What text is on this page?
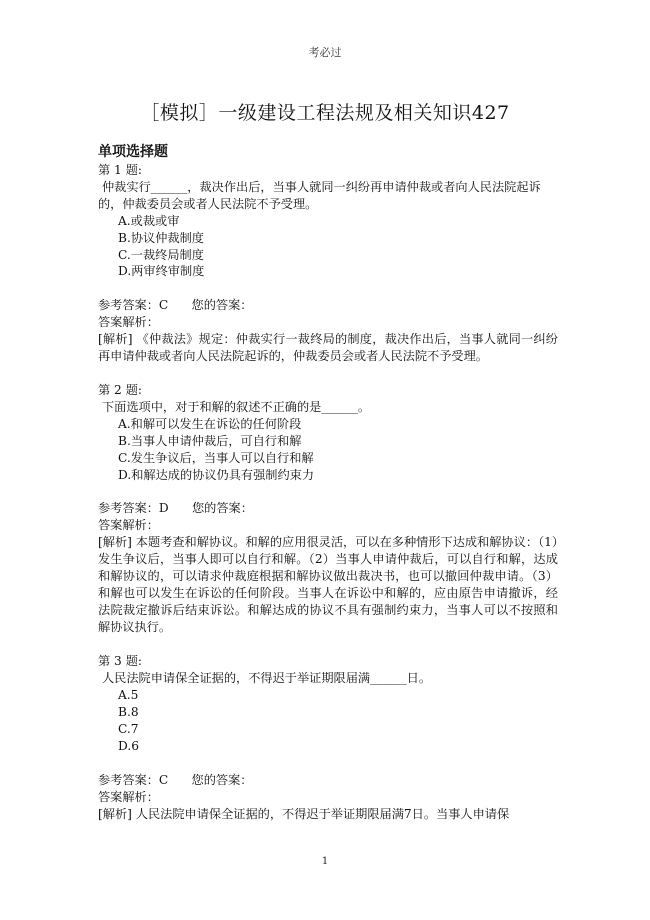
考必过
［模拟］一级建设工程法规及相关知识427

单项选择题

第 1 题:

仲裁实行______，裁决作出后，当事人就同一纠纷再申请仲裁或者向人民法院起诉的，仲裁委员会或者人民法院不予受理。

A.或裁或审

B.协议仲裁制度

C.一裁终局制度

D.两审终审制度

参考答案：C      您的答案：

答案解析：

[解析] 《仲裁法》规定：仲裁实行一裁终局的制度，裁决作出后，当事人就同一纠纷再申请仲裁或者向人民法院起诉的，仲裁委员会或者人民法院不予受理。

第 2 题:

下面选项中，对于和解的叙述不正确的是______。

A.和解可以发生在诉讼的任何阶段

B.当事人申请仲裁后，可自行和解

C.发生争议后，当事人可以自行和解

D.和解达成的协议仍具有强制约束力

参考答案：D      您的答案：

答案解析：

[解析] 本题考查和解协议。和解的应用很灵活，可以在多种情形下达成和解协议：（1）发生争议后，当事人即可以自行和解。（2）当事人申请仲裁后，可以自行和解，达成和解协议的，可以请求仲裁庭根据和解协议做出裁决书，也可以撤回仲裁申请。（3）和解也可以发生在诉讼的任何阶段。当事人在诉讼中和解的，应由原告申请撤诉，经法院裁定撤诉后结束诉讼。和解达成的协议不具有强制约束力，当事人可以不按照和解协议执行。

第 3 题:

人民法院申请保全证据的，不得迟于举证期限届满______日。

A.5

B.8

C.7

D.6

参考答案：C      您的答案：

答案解析：

[解析] 人民法院申请保全证据的，不得迟于举证期限届满7日。当事人申请保

1
